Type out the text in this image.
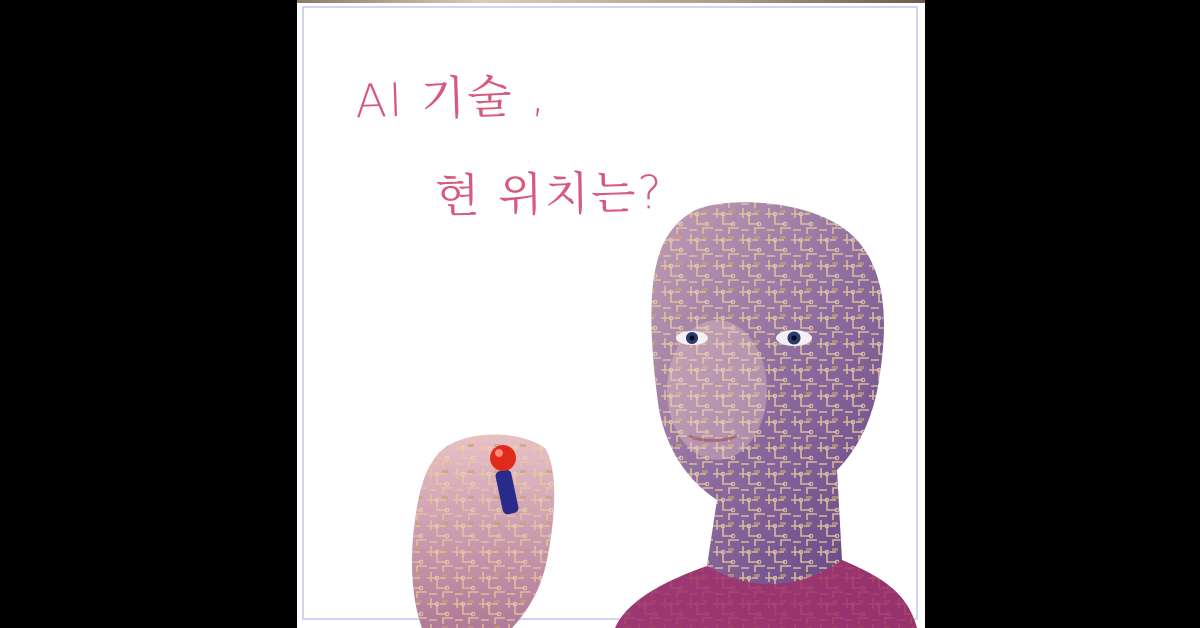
AI 기술 ,
현 위치는?
